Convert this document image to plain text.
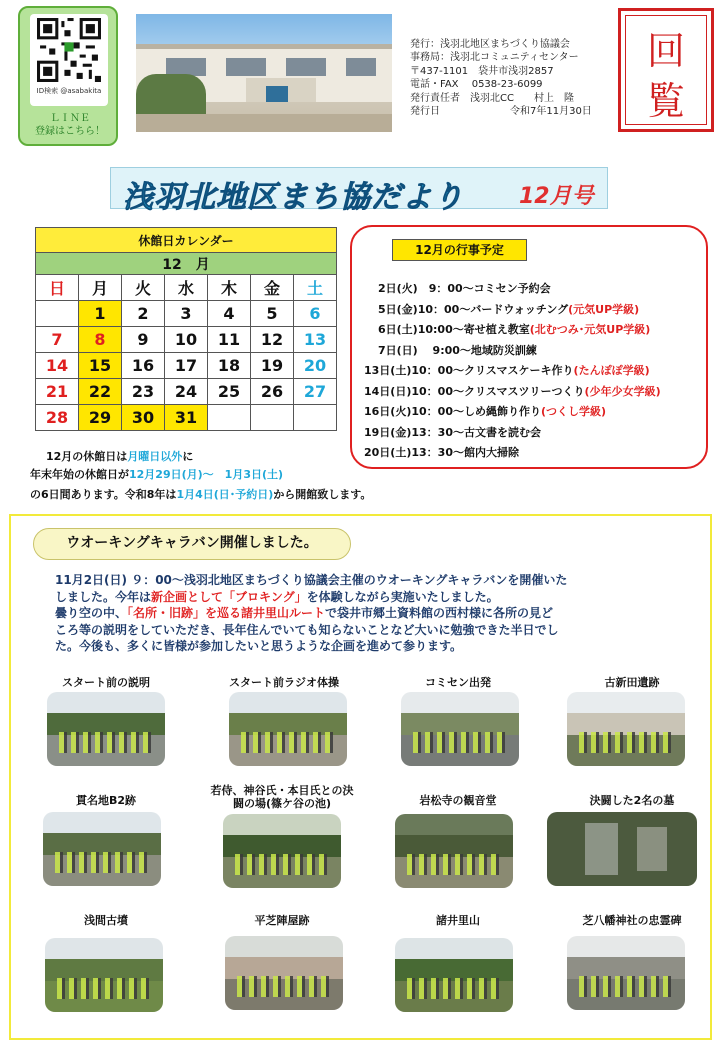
ID検索 @asabakita
ＬＩＮＥ
登録はこちら！
発行：浅羽北地区まちづくり協議会
事務局：浅羽北コミュニティセンター
〒437-1101　袋井市浅羽2857
電話・FAX　 0538-23-6099
発行責任者　浅羽北CC　　村上　隆
発行日　　　　　　　令和7年11月30日
回
覧
浅羽北地区まち協だより	12月号
休館日カレンダー						
12　月						
日	月	火	水	木	金	土
	1	2	3	4	5	6
7	8	9	10	11	12	13
14	15	16	17	18	19	20
21	22	23	24	25	26	27
28	29	30	31			
12月の休館日は月曜日以外に
年末年始の休館日が12月29日(月)～　1月3日(土)
の6日間あります。令和8年は1月4日(日･予約日)から開館致します。
12月の行事予定
2日(火)　9：00～コミセン予約会
5日(金)10：00～バードウォッチング(元気UP学級)
6日(土)10:00～寄せ植え教室(北むつみ･元気UP学級)
7日(日)　 9:00～地域防災訓練
13日(土)10：00～クリスマスケーキ作り(たんぽぽ学級)
14日(日)10：00～クリスマスツリーつくり(少年少女学級)
16日(火)10：00～しめ縄飾り作り(つくし学級)
19日(金)13：30～古文書を読む会
20日(土)13：30～館内大掃除
ウオーキングキャラバン開催しました。
11月2日(日) ９：00～浅羽北地区まちづくり協議会主催のウオーキングキャラバンを開催いた
しました。今年は新企画として「ブロキング」を体験しながら実施いたしました。
曇り空の中、「名所・旧跡」を巡る諸井里山ルートで袋井市郷土資料館の西村様に各所の見ど
ころ等の説明をしていただき、長年住んでいても知らないことなど大いに勉強できた半日でし
た。今後も、多くに皆様が参加したいと思うような企画を進めて参ります。
スタート前の説明	スタート前ラジオ体操	コミセン出発	古新田遺跡
貫名地B2跡
若侍、神谷氏・本目氏との決闘の場(篠ケ谷の池)	岩松寺の観音堂	決闘した2名の墓
浅間古墳	平芝陣屋跡	諸井里山	芝八幡神社の忠霊碑
